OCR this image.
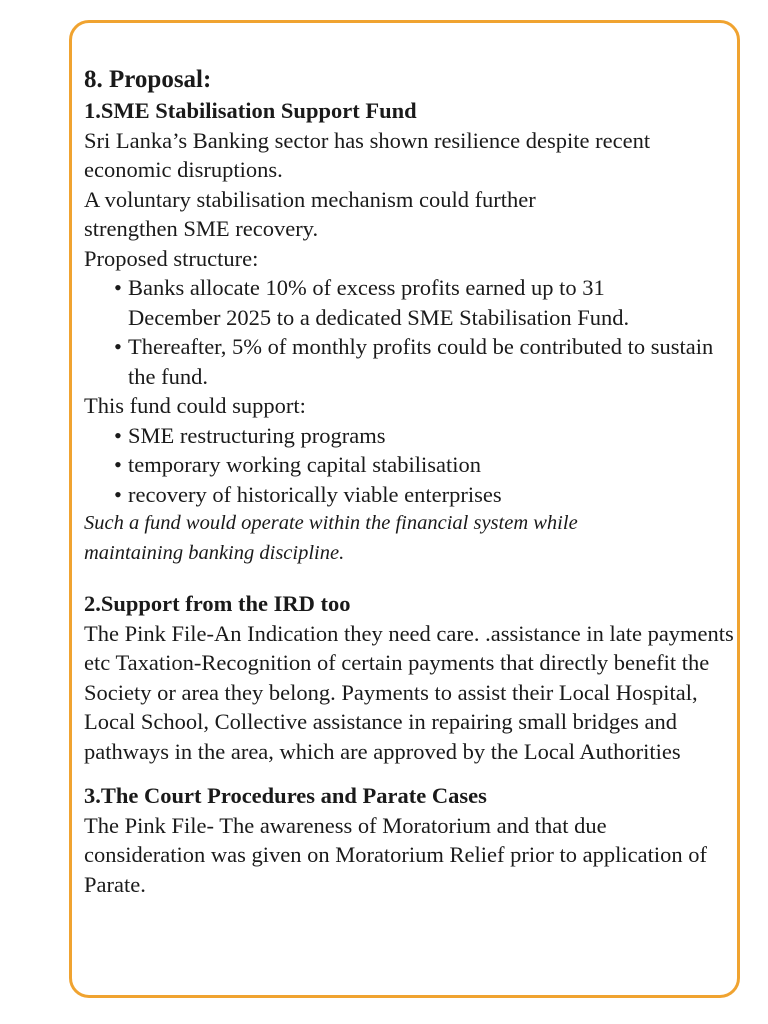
8. Proposal:
1.SME Stabilisation Support Fund

Sri Lanka’s Banking sector has shown resilience despite recent

economic disruptions.

A voluntary stabilisation mechanism could further

strengthen SME recovery.

Proposed structure:

• Banks allocate 10% of excess profits earned up to 31 December 2025 to a dedicated SME Stabilisation Fund.
• Thereafter, 5% of monthly profits could be contributed to sustain the fund.

This fund could support:

• SME restructuring programs
• temporary working capital stabilisation
• recovery of historically viable enterprises

Such a fund would operate within the financial system while

maintaining banking discipline.

2.Support from the IRD too

The Pink File-An Indication they need care. .assistance in late payments etc Taxation-Recognition of certain payments that directly benefit the Society or area they belong. Payments to assist their Local Hospital, Local School, Collective assistance in repairing small bridges and pathways in the area, which are approved by the Local Authorities

3.The Court Procedures and Parate Cases

The Pink File- The awareness of Moratorium and that due consideration was given on Moratorium Relief prior to application of Parate.
